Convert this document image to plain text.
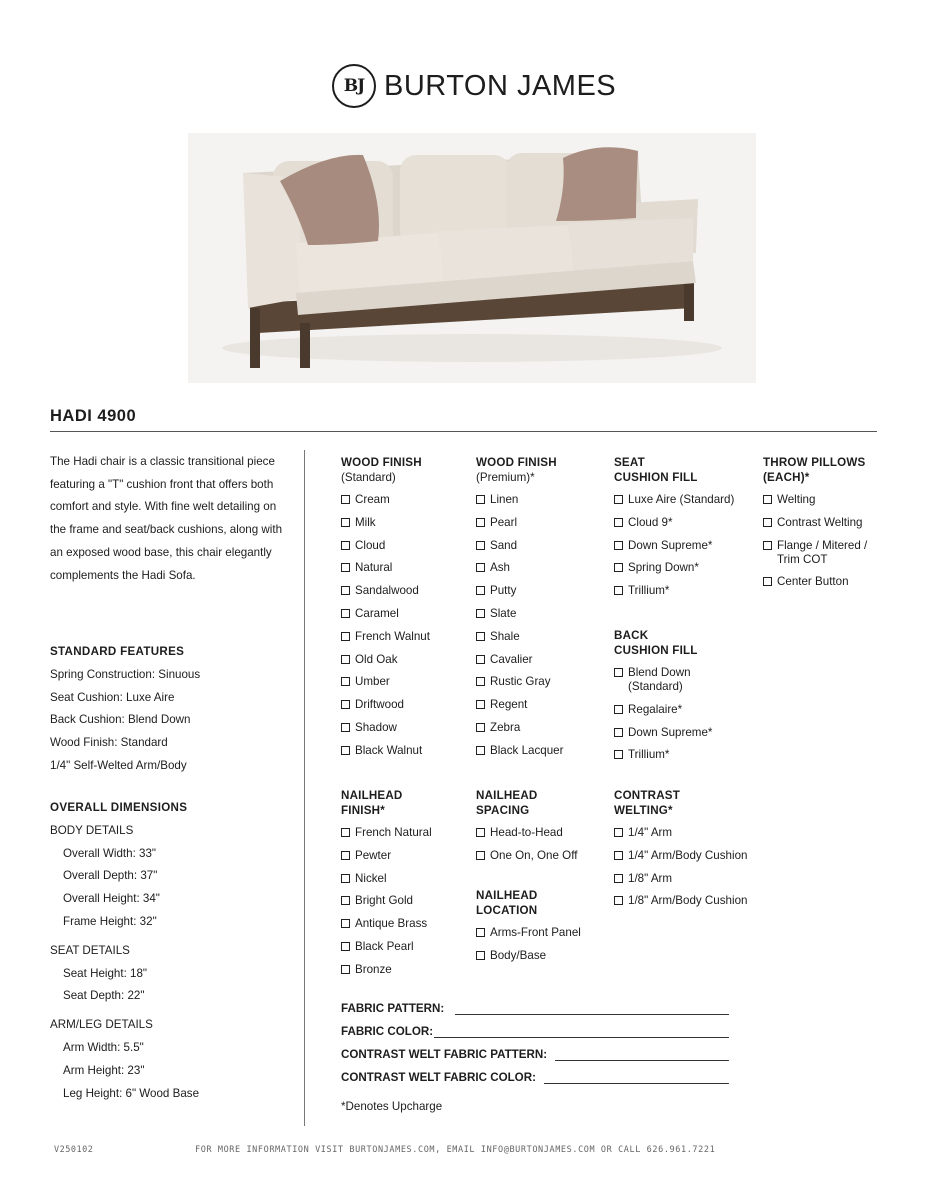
BJ BURTON JAMES
HADI 4900
The Hadi chair is a classic transitional piece featuring a "T" cushion front that offers both comfort and style. With fine welt detailing on the frame and seat/back cushions, along with an exposed wood base, this chair elegantly complements the Hadi Sofa.
STANDARD FEATURES
Spring Construction: Sinuous
Seat Cushion: Luxe Aire
Back Cushion: Blend Down
Wood Finish: Standard
1/4" Self-Welted Arm/Body
OVERALL DIMENSIONS
BODY DETAILS
Overall Width: 33"
Overall Depth: 37"
Overall Height: 34"
Frame Height: 32"
SEAT DETAILS
Seat Height: 18"
Seat Depth: 22"
ARM/LEG DETAILS
Arm Width: 5.5"
Arm Height: 23"
Leg Height: 6" Wood Base
WOOD FINISH
(Standard)
Cream
Milk
Cloud
Natural
Sandalwood
Caramel
French Walnut
Old Oak
Umber
Driftwood
Shadow
Black Walnut
WOOD FINISH
(Premium)*
Linen
Pearl
Sand
Ash
Putty
Slate
Shale
Cavalier
Rustic Gray
Regent
Zebra
Black Lacquer
SEAT
CUSHION FILL
Luxe Aire (Standard)
Cloud 9*
Down Supreme*
Spring Down*
Trillium*
BACK
CUSHION FILL
Blend Down
(Standard)
Regalaire*
Down Supreme*
Trillium*
THROW PILLOWS
(EACH)*
Welting
Contrast Welting
Flange / Mitered /
Trim COT
Center Button
NAILHEAD
FINISH*
French Natural
Pewter
Nickel
Bright Gold
Antique Brass
Black Pearl
Bronze
NAILHEAD
SPACING
Head-to-Head
One On, One Off
NAILHEAD
LOCATION
Arms-Front Panel
Body/Base
CONTRAST
WELTING*
1/4" Arm
1/4" Arm/Body Cushion
1/8" Arm
1/8" Arm/Body Cushion
FABRIC PATTERN:
FABRIC COLOR:
CONTRAST WELT FABRIC PATTERN:
CONTRAST WELT FABRIC COLOR:
*Denotes Upcharge
V250102	FOR MORE INFORMATION VISIT BURTONJAMES.COM, EMAIL INFO@BURTONJAMES.COM OR CALL 626.961.7221
